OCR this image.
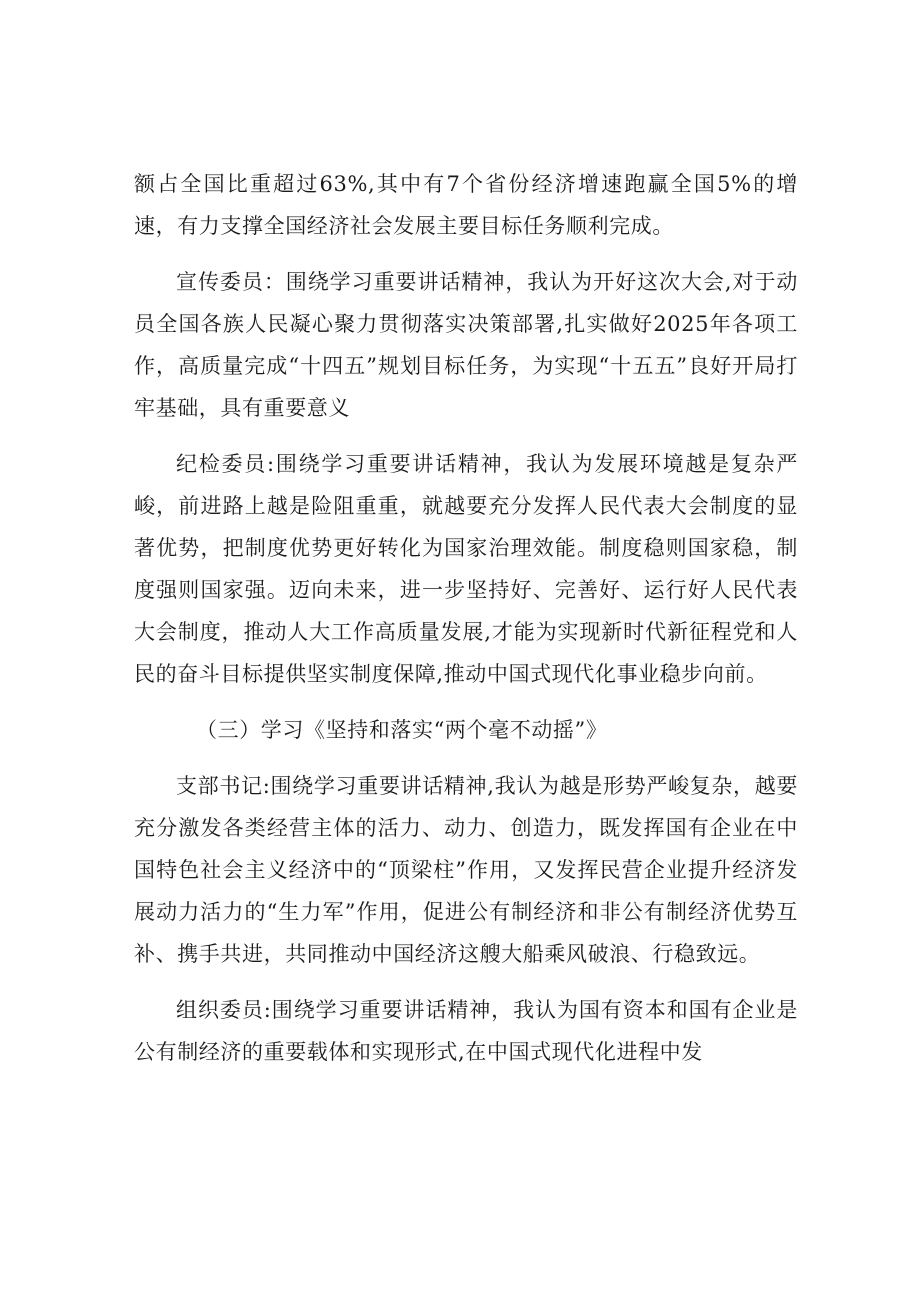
额占全国比重超过63%,其中有7个省份经济增速跑赢全国5%的增速，有力支撑全国经济社会发展主要目标任务顺利完成。

宣传委员：围绕学习重要讲话精神，我认为开好这次大会,对于动员全国各族人民凝心聚力贯彻落实决策部署,扎实做好2025年各项工作，高质量完成“十四五”规划目标任务，为实现“十五五”良好开局打牢基础，具有重要意义

纪检委员:围绕学习重要讲话精神，我认为发展环境越是复杂严峻，前进路上越是险阻重重，就越要充分发挥人民代表大会制度的显著优势，把制度优势更好转化为国家治理效能。制度稳则国家稳，制度强则国家强。迈向未来，进一步坚持好、完善好、运行好人民代表大会制度，推动人大工作高质量发展,才能为实现新时代新征程党和人民的奋斗目标提供坚实制度保障,推动中国式现代化事业稳步向前。

（三）学习《坚持和落实“两个毫不动摇”》

支部书记:围绕学习重要讲话精神,我认为越是形势严峻复杂，越要充分激发各类经营主体的活力、动力、创造力，既发挥国有企业在中国特色社会主义经济中的“顶梁柱”作用，又发挥民营企业提升经济发展动力活力的“生力军”作用，促进公有制经济和非公有制经济优势互补、携手共进，共同推动中国经济这艘大船乘风破浪、行稳致远。

组织委员:围绕学习重要讲话精神，我认为国有资本和国有企业是公有制经济的重要载体和实现形式,在中国式现代化进程中发
